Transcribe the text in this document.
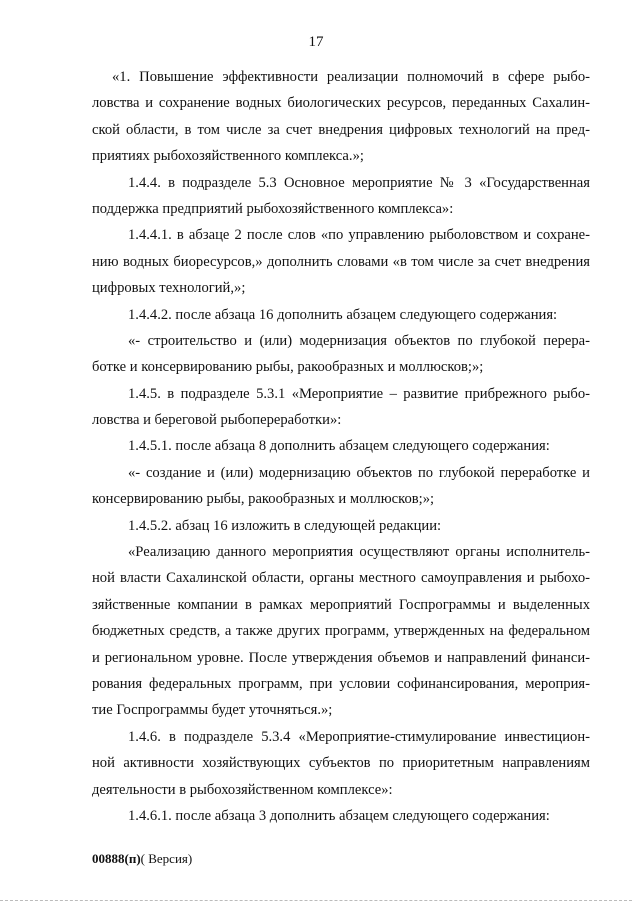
17
«1. Повышение эффективности реализации полномочий в сфере рыбо-
ловства и сохранение водных биологических ресурсов, переданных Сахалин-
ской области, в том числе за счет внедрения цифровых технологий на пред-
приятиях рыбохозяйственного комплекса.»;
1.4.4. в подразделе 5.3 Основное мероприятие № 3 «Государственная
поддержка предприятий рыбохозяйственного комплекса»:
1.4.4.1. в абзаце 2 после слов «по управлению рыболовством и сохране-
нию водных биоресурсов,» дополнить словами «в том числе за счет внедрения
цифровых технологий,»;
1.4.4.2. после абзаца 16 дополнить абзацем следующего содержания:
«- строительство и (или) модернизация объектов по глубокой перера-
ботке и консервированию рыбы, ракообразных и моллюсков;»;
1.4.5. в подразделе 5.3.1 «Мероприятие – развитие прибрежного рыбо-
ловства и береговой рыбопереработки»:
1.4.5.1. после абзаца 8 дополнить абзацем следующего содержания:
«- создание и (или) модернизацию объектов по глубокой переработке и
консервированию рыбы, ракообразных и моллюсков;»;
1.4.5.2. абзац 16 изложить в следующей редакции:
«Реализацию данного мероприятия осуществляют органы исполнитель-
ной власти Сахалинской области, органы местного самоуправления и рыбохо-
зяйственные компании в рамках мероприятий Госпрограммы и выделенных
бюджетных средств, а также других программ, утвержденных на федеральном
и региональном уровне. После утверждения объемов и направлений финанси-
рования федеральных программ, при условии софинансирования, мероприя-
тие Госпрограммы будет уточняться.»;
1.4.6. в подразделе 5.3.4 «Мероприятие-стимулирование инвестицион-
ной активности хозяйствующих субъектов по приоритетным направлениям
деятельности в рыбохозяйственном комплексе»:
1.4.6.1. после абзаца 3 дополнить абзацем следующего содержания:
00888(п)( Версия)
